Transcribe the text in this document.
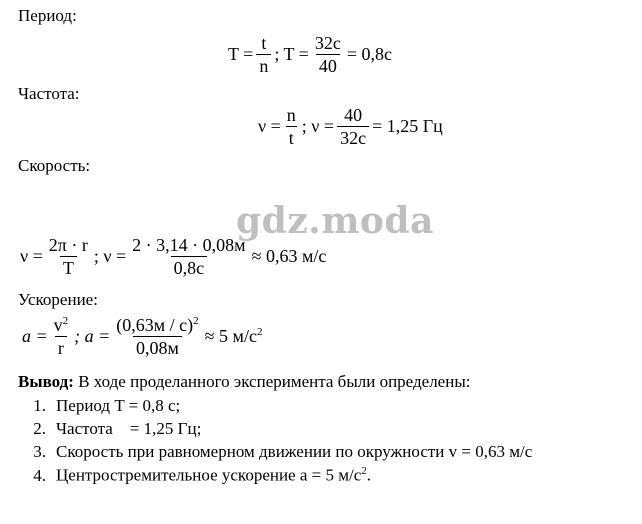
Период:
$T = \frac{t}{n}$ ; $T = \frac{32с}{40} = 0,8с$
Частота:
$\nu = \frac{n}{t}$ ; $\nu = \frac{40}{32с} = 1,25$ Гц
Скорость:
gdz.moda
$\nu = \frac{2\pi \cdot r}{T}$ ; $\nu = \frac{2 \cdot 3,14 \cdot 0,08м}{0,8с} \approx 0,63$ м/с
Ускорение:
$a = \frac{v^2}{r}$ ; $a = \frac{(0,63м / с)^2}{0,08м} \approx 5$ $м/с^2$
Вывод: В ходе проделанного эксперимента были определены:
1. Период T = 0,8 с;
2. Частота    = 1,25 Гц;
3. Скорость при равномерном движении по окружности v = 0,63 м/с
4. Центростремительное ускорение a = 5 $м/с^2$.
